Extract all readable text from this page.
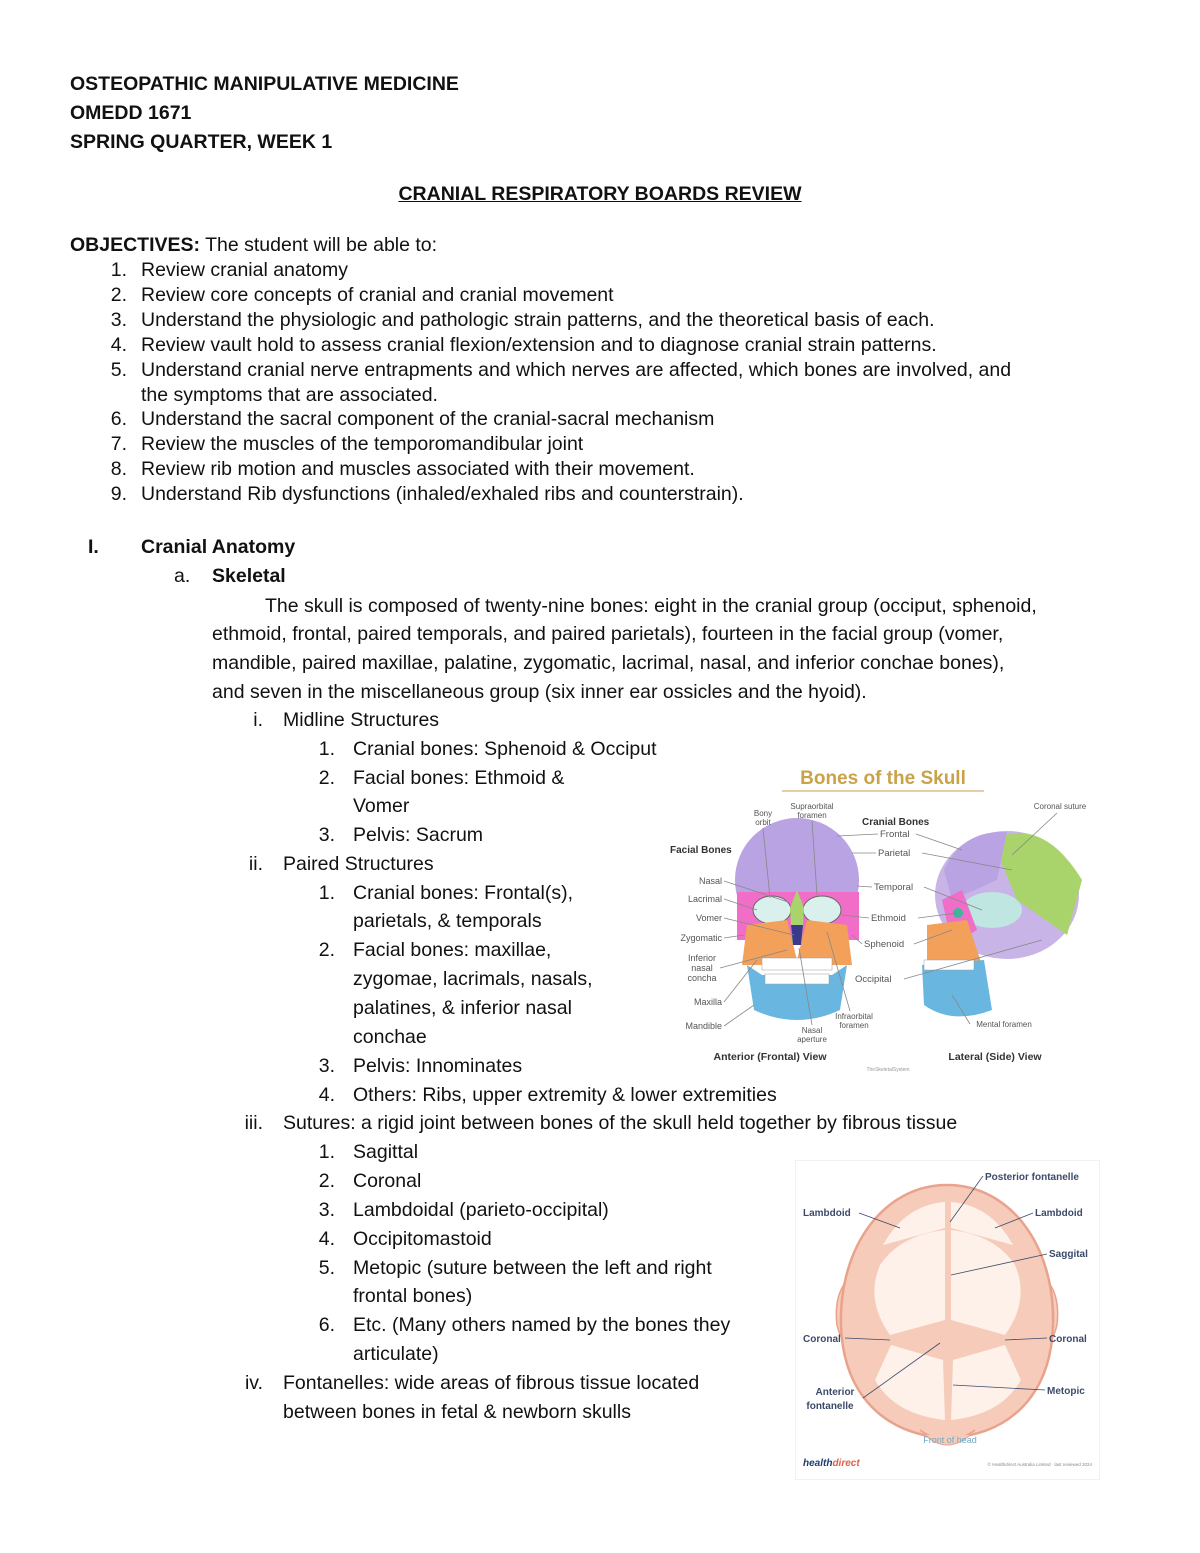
OSTEOPATHIC MANIPULATIVE MEDICINE
OMEDD 1671
SPRING QUARTER, WEEK 1
CRANIAL RESPIRATORY BOARDS REVIEW
OBJECTIVES: The student will be able to:
1. Review cranial anatomy
2. Review core concepts of cranial and cranial movement
3. Understand the physiologic and pathologic strain patterns, and the theoretical basis of each.
4. Review vault hold to assess cranial flexion/extension and to diagnose cranial strain patterns.
5. Understand cranial nerve entrapments and which nerves are affected, which bones are involved, and
the symptoms that are associated.
6. Understand the sacral component of the cranial-sacral mechanism
7. Review the muscles of the temporomandibular joint
8. Review rib motion and muscles associated with their movement.
9. Understand Rib dysfunctions (inhaled/exhaled ribs and counterstrain).
I. Cranial Anatomy
a. Skeletal
The skull is composed of twenty-nine bones: eight in the cranial group (occiput, sphenoid,
ethmoid, frontal, paired temporals, and paired parietals), fourteen in the facial group (vomer,
mandible, paired maxillae, palatine, zygomatic, lacrimal, nasal, and inferior conchae bones),
and seven in the miscellaneous group (six inner ear ossicles and the hyoid).
i. Midline Structures
1. Cranial bones: Sphenoid & Occiput
2. Facial bones: Ethmoid &
Vomer
3. Pelvis: Sacrum
ii. Paired Structures
1. Cranial bones: Frontal(s),
parietals, & temporals
2. Facial bones: maxillae,
zygomae, lacrimals, nasals,
palatines, & inferior nasal
conchae
3. Pelvis: Innominates
4. Others: Ribs, upper extremity & lower extremities
iii. Sutures: a rigid joint between bones of the skull held together by fibrous tissue
1. Sagittal
2. Coronal
3. Lambdoidal (parieto-occipital)
4. Occipitomastoid
5. Metopic (suture between the left and right
frontal bones)
6. Etc. (Many others named by the bones they
articulate)
iv. Fontanelles: wide areas of fibrous tissue located
between bones in fetal & newborn skulls
Bones of the Skull
Facial Bones
Cranial Bones
Nasal
Lacrimal
Vomer
Zygomatic
Inferior
nasal
concha
Maxilla
Mandible
Bony
orbit
Supraorbital
foramen
Coronal suture
Frontal
Parietal
Temporal
Ethmoid
Sphenoid
Occipital
Nasal
aperture
Infraorbital
foramen	Mental foramen
Anterior (Frontal) View	Lateral (Side) View
TheSkeletalSystem
Posterior fontanelle
Lambdoid	Lambdoid
Saggital
Coronal	Coronal
Anterior
fontanelle
Metopic
Front of head
healthdirect	© Healthdirect Australia Limited · last reviewed 2024
